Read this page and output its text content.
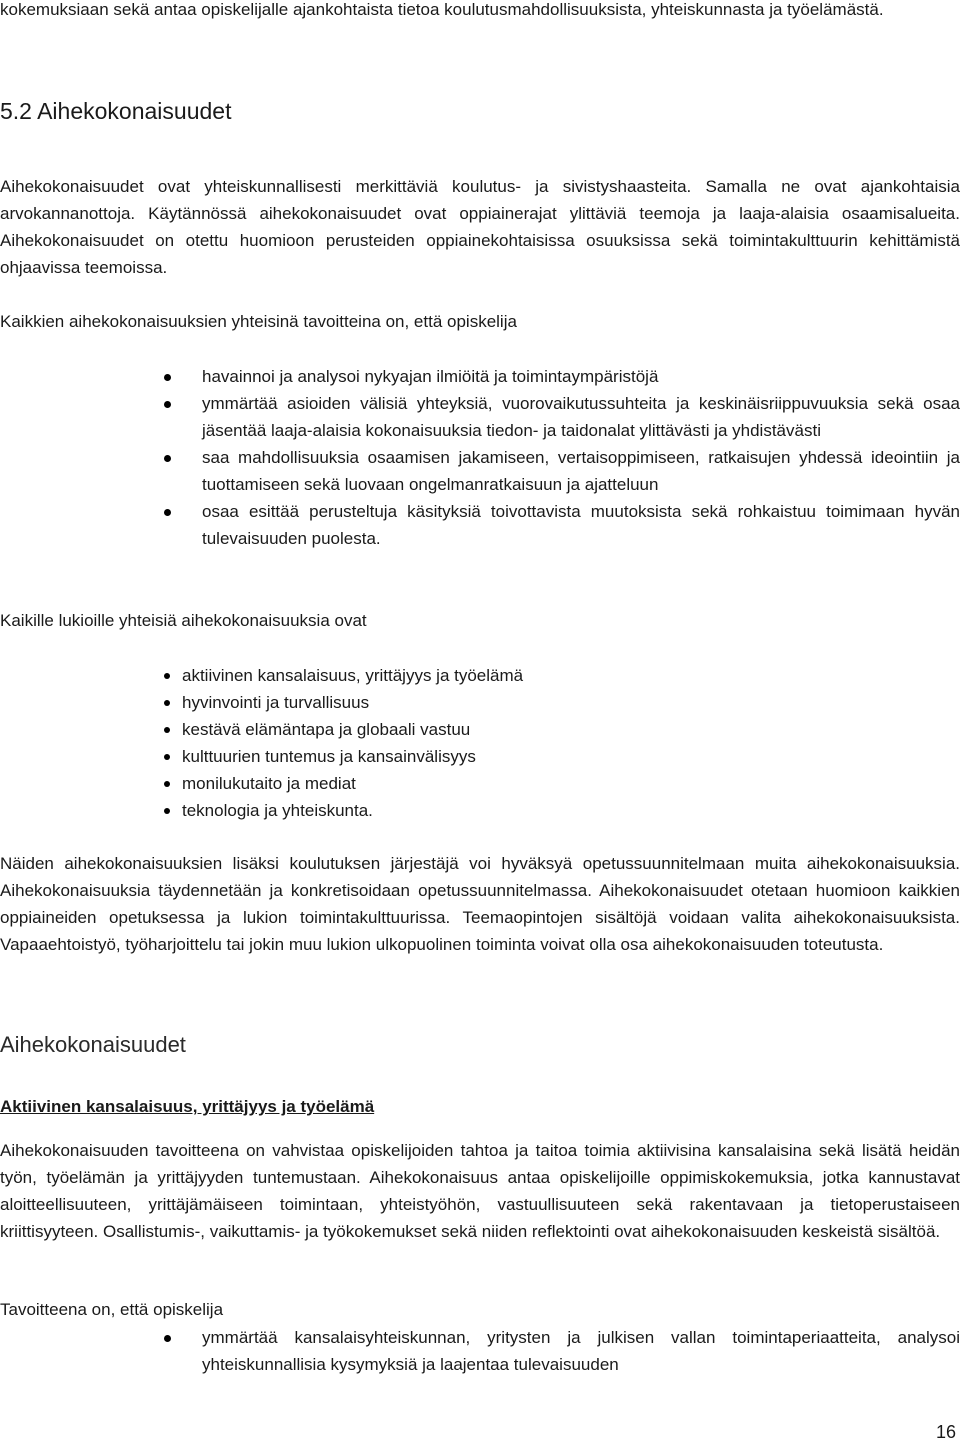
kokemuksiaan sekä antaa opiskelijalle ajankohtaista tietoa koulutusmahdollisuuksista, yhteiskunnasta ja työelämästä.

5.2 Aihekokonaisuudet

Aihekokonaisuudet ovat yhteiskunnallisesti merkittäviä koulutus- ja sivistyshaasteita. Samalla ne ovat ajankohtaisia arvokannanottoja. Käytännössä aihekokonaisuudet ovat oppiainerajat ylittäviä teemoja ja laaja-alaisia osaamisalueita. Aihekokonaisuudet on otettu huomioon perusteiden oppiainekohtaisissa osuuksissa sekä toimintakulttuurin kehittämistä ohjaavissa teemoissa.

Kaikkien aihekokonaisuuksien yhteisinä tavoitteina on, että opiskelija

havainnoi ja analysoi nykyajan ilmiöitä ja toimintaympäristöjä
ymmärtää asioiden välisiä yhteyksiä, vuorovaikutussuhteita ja keskinäisriippuvuuksia sekä osaa jäsentää laaja-alaisia kokonaisuuksia tiedon- ja taidonalat ylittävästi ja yhdistävästi
saa mahdollisuuksia osaamisen jakamiseen, vertaisoppimiseen, ratkaisujen yhdessä ideointiin ja tuottamiseen sekä luovaan ongelmanratkaisuun ja ajatteluun
osaa esittää perusteltuja käsityksiä toivottavista muutoksista sekä rohkaistuu toimimaan hyvän tulevaisuuden puolesta.

Kaikille lukioille yhteisiä aihekokonaisuuksia ovat

aktiivinen kansalaisuus, yrittäjyys ja työelämä
hyvinvointi ja turvallisuus
kestävä elämäntapa ja globaali vastuu
kulttuurien tuntemus ja kansainvälisyys
monilukutaito ja mediat
teknologia ja yhteiskunta.

Näiden aihekokonaisuuksien lisäksi koulutuksen järjestäjä voi hyväksyä opetussuunnitelmaan muita aihekokonaisuuksia. Aihekokonaisuuksia täydennetään ja konkretisoidaan opetussuunnitelmassa. Aihekokonaisuudet otetaan huomioon kaikkien oppiaineiden opetuksessa ja lukion toimintakulttuurissa. Teemaopintojen sisältöjä voidaan valita aihekokonaisuuksista. Vapaaehtoistyö, työharjoittelu tai jokin muu lukion ulkopuolinen toiminta voivat olla osa aihekokonaisuuden toteutusta.

Aihekokonaisuudet
Aktiivinen kansalaisuus, yrittäjyys ja työelämä

Aihekokonaisuuden tavoitteena on vahvistaa opiskelijoiden tahtoa ja taitoa toimia aktiivisina kansalaisina sekä lisätä heidän työn, työelämän ja yrittäjyyden tuntemustaan. Aihekokonaisuus antaa opiskelijoille oppimiskokemuksia, jotka kannustavat aloitteellisuuteen, yrittäjämäiseen toimintaan, yhteistyöhön, vastuullisuuteen sekä rakentavaan ja tietoperustaiseen kriittisyyteen. Osallistumis-, vaikuttamis- ja työkokemukset sekä niiden reflektointi ovat aihekokonaisuuden keskeistä sisältöä.

Tavoitteena on, että opiskelija

ymmärtää kansalaisyhteiskunnan, yritysten ja julkisen vallan toimintaperiaatteita, analysoi yhteiskunnallisia kysymyksiä ja laajentaa tulevaisuuden
16
